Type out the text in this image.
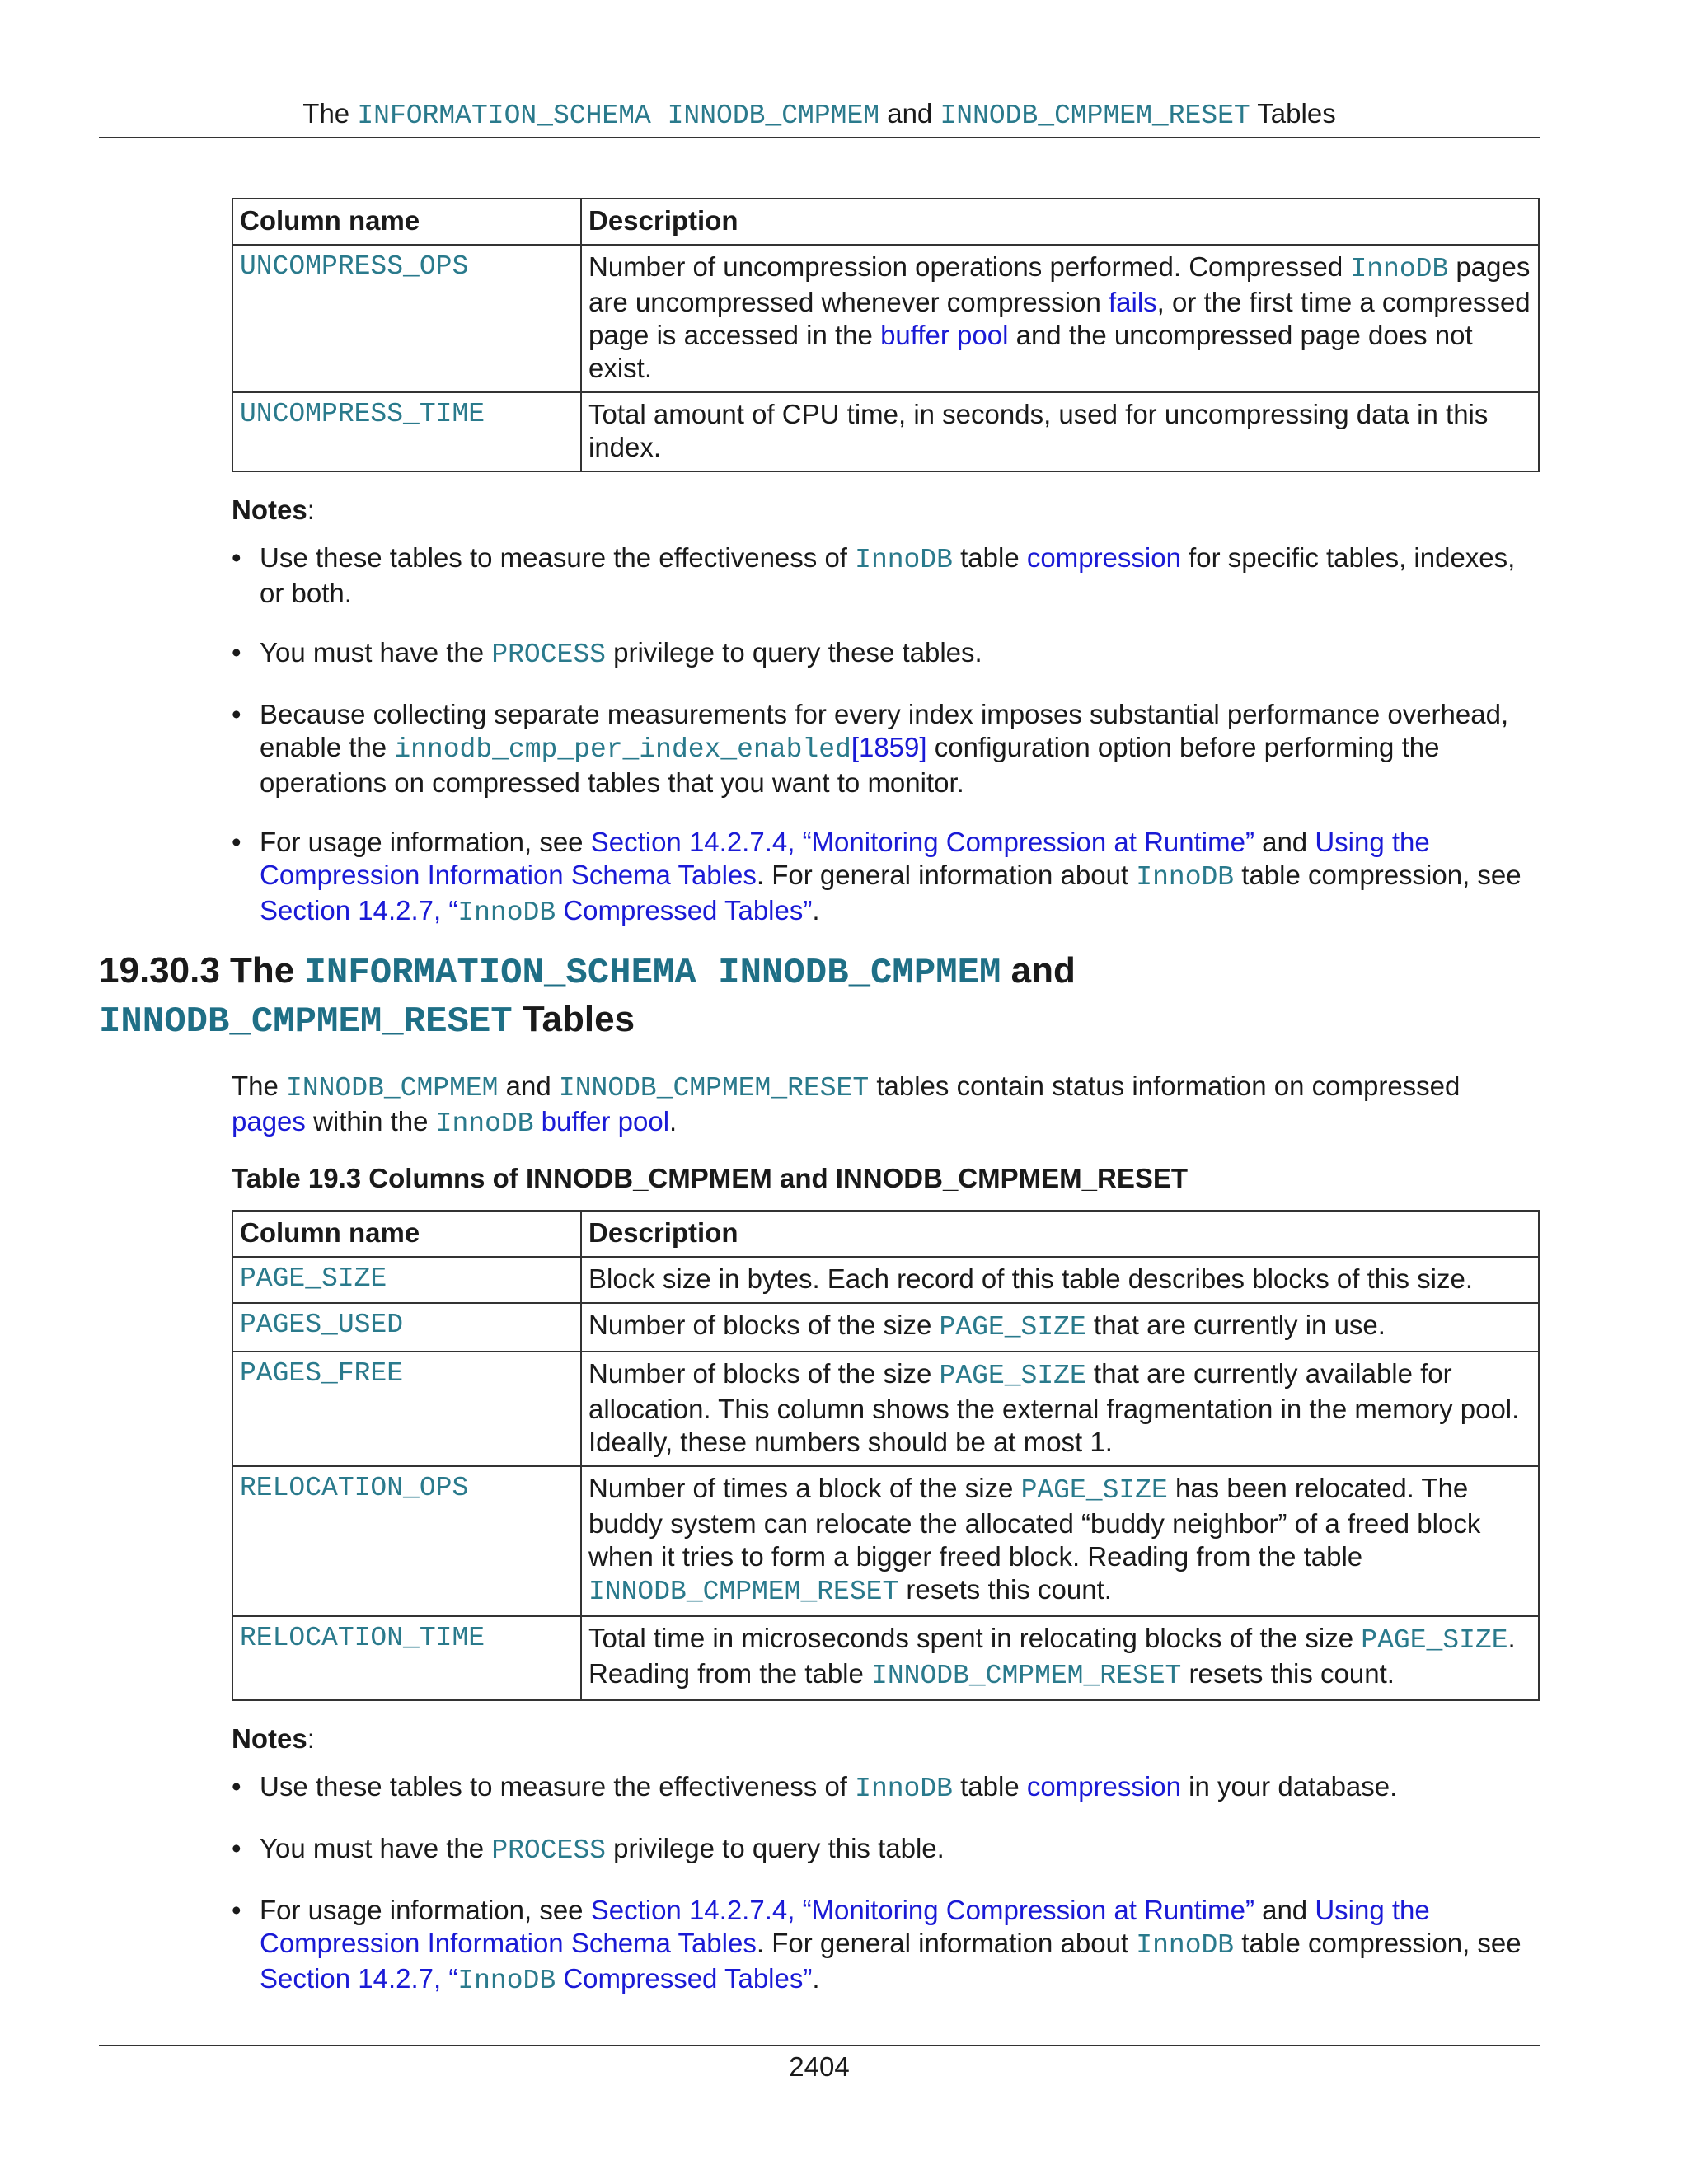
The INFORMATION_SCHEMA INNODB_CMPMEM and INNODB_CMPMEM_RESET Tables
Column name	Description
UNCOMPRESS_OPS	Number of uncompression operations performed. Compressed InnoDB pages are uncompressed whenever compression fails, or the first time a compressed page is accessed in the buffer pool and the uncompressed page does not exist.
UNCOMPRESS_TIME	Total amount of CPU time, in seconds, used for uncompressing data in this index.

Notes:

• Use these tables to measure the effectiveness of InnoDB table compression for specific tables, indexes, or both.
• You must have the PROCESS privilege to query these tables.
• Because collecting separate measurements for every index imposes substantial performance overhead, enable the innodb_cmp_per_index_enabled[1859] configuration option before performing the operations on compressed tables that you want to monitor.
• For usage information, see Section 14.2.7.4, “Monitoring Compression at Runtime” and Using the Compression Information Schema Tables. For general information about InnoDB table compression, see Section 14.2.7, “InnoDB Compressed Tables”.
19.30.3 The INFORMATION_SCHEMA INNODB_CMPMEM and
INNODB_CMPMEM_RESET Tables

The INNODB_CMPMEM and INNODB_CMPMEM_RESET tables contain status information on compressed pages within the InnoDB buffer pool.

Table 19.3 Columns of INNODB_CMPMEM and INNODB_CMPMEM_RESET

Column name	Description
PAGE_SIZE	Block size in bytes. Each record of this table describes blocks of this size.
PAGES_USED	Number of blocks of the size PAGE_SIZE that are currently in use.
PAGES_FREE	Number of blocks of the size PAGE_SIZE that are currently available for allocation. This column shows the external fragmentation in the memory pool. Ideally, these numbers should be at most 1.
RELOCATION_OPS	Number of times a block of the size PAGE_SIZE has been relocated. The buddy system can relocate the allocated “buddy neighbor” of a freed block when it tries to form a bigger freed block. Reading from the table INNODB_CMPMEM_RESET resets this count.
RELOCATION_TIME	Total time in microseconds spent in relocating blocks of the size PAGE_SIZE. Reading from the table INNODB_CMPMEM_RESET resets this count.

Notes:

• Use these tables to measure the effectiveness of InnoDB table compression in your database.
• You must have the PROCESS privilege to query this table.
• For usage information, see Section 14.2.7.4, “Monitoring Compression at Runtime” and Using the Compression Information Schema Tables. For general information about InnoDB table compression, see Section 14.2.7, “InnoDB Compressed Tables”.
2404
